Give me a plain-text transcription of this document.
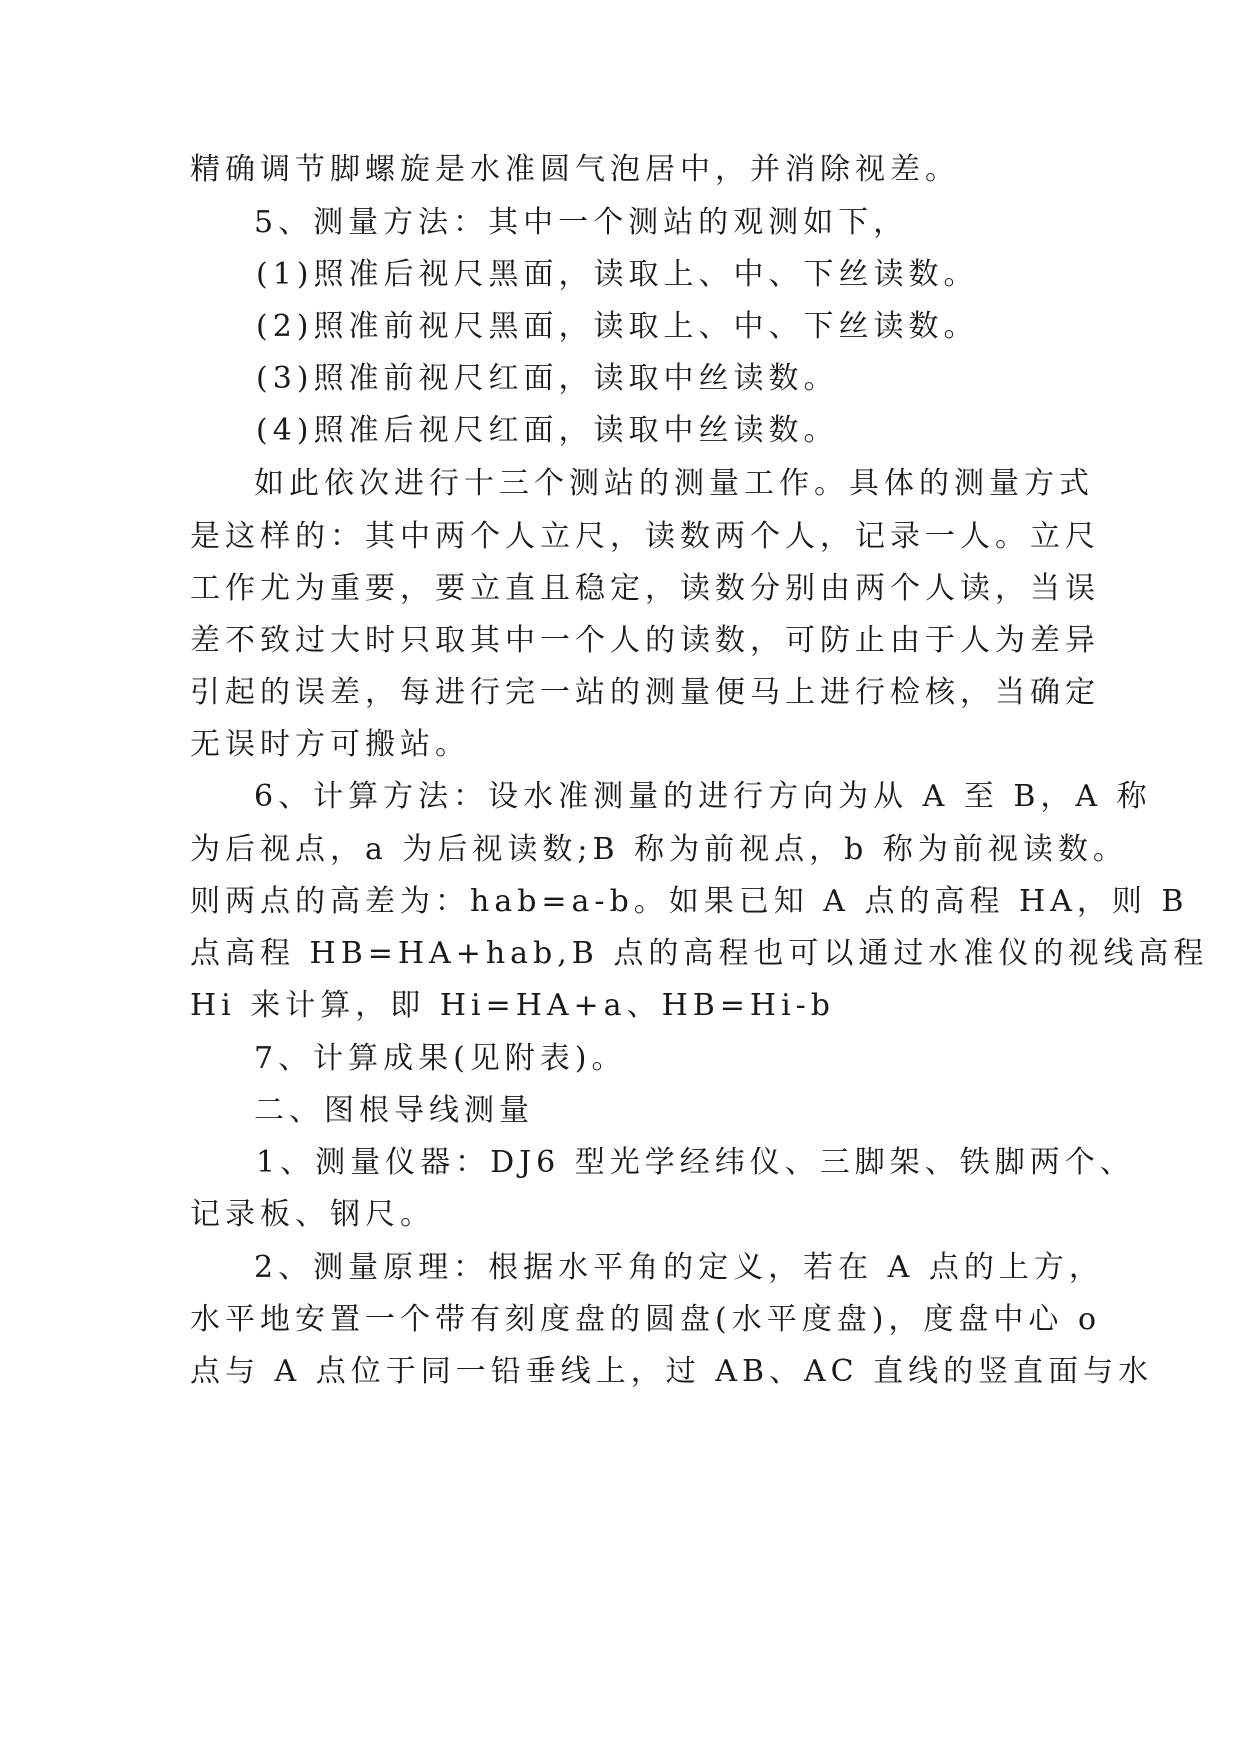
精确调节脚螺旋是水准圆气泡居中，并消除视差。
5、测量方法：其中一个测站的观测如下，
(1)照准后视尺黑面，读取上、中、下丝读数。
(2)照准前视尺黑面，读取上、中、下丝读数。
(3)照准前视尺红面，读取中丝读数。
(4)照准后视尺红面，读取中丝读数。
如此依次进行十三个测站的测量工作。具体的测量方式
是这样的：其中两个人立尺，读数两个人，记录一人。立尺
工作尤为重要，要立直且稳定，读数分别由两个人读，当误
差不致过大时只取其中一个人的读数，可防止由于人为差异
引起的误差，每进行完一站的测量便马上进行检核，当确定
无误时方可搬站。
6、计算方法：设水准测量的进行方向为从 A 至 B，A 称
为后视点，a 为后视读数;B 称为前视点，b 称为前视读数。
则两点的高差为：hab=a-b。如果已知 A 点的高程 HA，则 B
点高程 HB=HA+hab,B 点的高程也可以通过水准仪的视线高程
Hi 来计算，即 Hi=HA+a、HB=Hi-b
7、计算成果(见附表)。
二、图根导线测量
1、测量仪器：DJ6 型光学经纬仪、三脚架、铁脚两个、
记录板、钢尺。
2、测量原理：根据水平角的定义，若在 A 点的上方，
水平地安置一个带有刻度盘的圆盘(水平度盘)，度盘中心 o
点与 A 点位于同一铅垂线上，过 AB、AC 直线的竖直面与水
